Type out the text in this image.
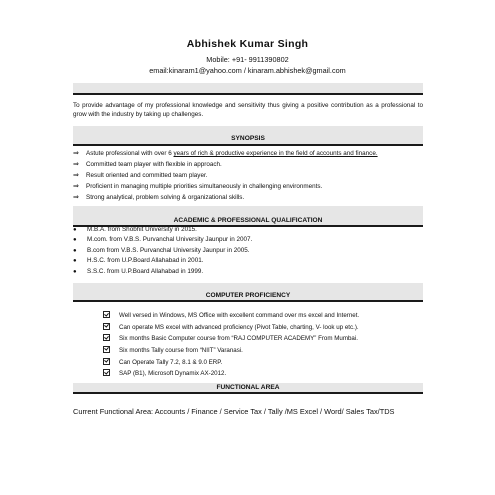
Abhishek Kumar Singh
Mobile: +91- 9911390802
email:kinaram1@yahoo.com / kinaram.abhishek@gmail.com
To provide advantage of my professional knowledge and sensitivity thus giving a positive contribution as a professional to grow with the industry by taking up challenges.
SYNOPSIS
⇒ Astute professional with over 6 years of rich & productive experience in the field of accounts and finance.
⇒ Committed team player with flexible in approach.
⇒ Result oriented and committed team player.
⇒ Proficient in managing multiple priorities simultaneously in challenging environments.
⇒ Strong analytical, problem solving & organizational skills.
ACADEMIC & PROFESSIONAL QUALIFICATION
● M.B.A. from Shobhit University in 2015.
● M.com. from V.B.S. Purvanchal University Jaunpur in 2007.
● B.com from V.B.S. Purvanchal University Jaunpur in 2005.
● H.S.C. from U.P.Board Allahabad in 2001.
● S.S.C. from U.P.Board Allahabad in 1999.
COMPUTER PROFICIENCY
Well versed in Windows, MS Office with excellent command over ms excel and Internet.
Can operate MS excel with advanced proficiency (Pivot Table, charting, V- look up etc.).
Six months Basic Computer course from “RAJ COMPUTER ACADEMY” From Mumbai.
Six months Tally course from “NIIT” Varanasi.
Can Operate Tally 7.2, 8.1 & 9.0 ERP.
SAP (B1), Microsoft Dynamix AX-2012.
FUNCTIONAL AREA
Current Functional Area: Accounts / Finance / Service Tax / Tally /MS Excel / Word/ Sales Tax/TDS
